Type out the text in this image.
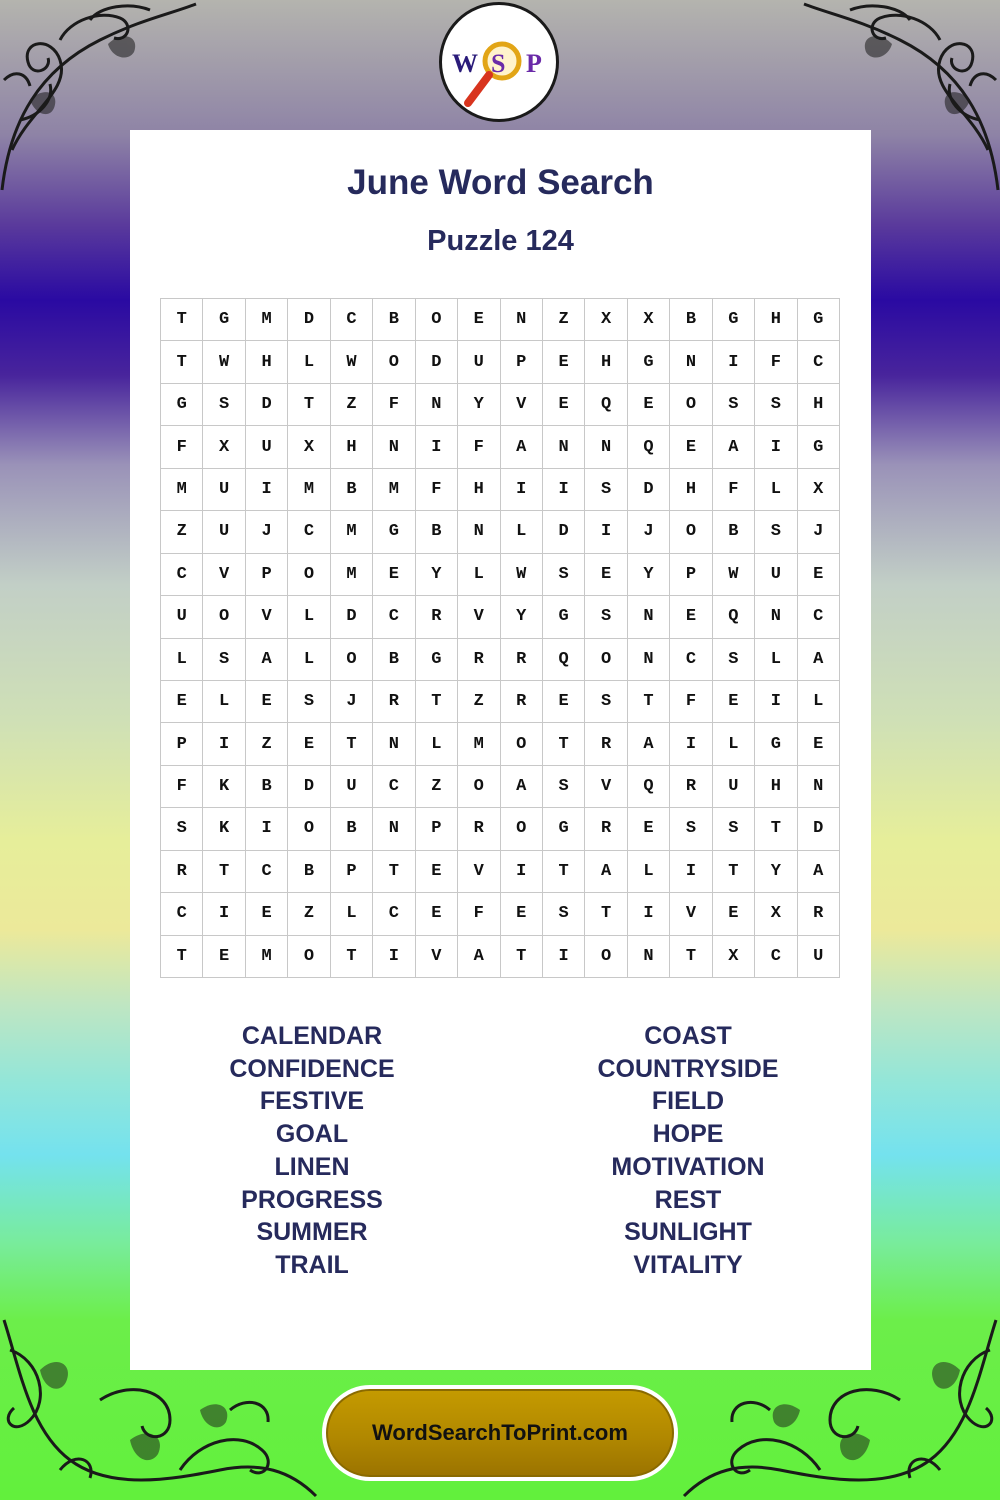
W S P
June Word Search
Puzzle 124
T	G	M	D	C	B	O	E	N	Z	X	X	B	G	H	G
T	W	H	L	W	O	D	U	P	E	H	G	N	I	F	C
G	S	D	T	Z	F	N	Y	V	E	Q	E	O	S	S	H
F	X	U	X	H	N	I	F	A	N	N	Q	E	A	I	G
M	U	I	M	B	M	F	H	I	I	S	D	H	F	L	X
Z	U	J	C	M	G	B	N	L	D	I	J	O	B	S	J
C	V	P	O	M	E	Y	L	W	S	E	Y	P	W	U	E
U	O	V	L	D	C	R	V	Y	G	S	N	E	Q	N	C
L	S	A	L	O	B	G	R	R	Q	O	N	C	S	L	A
E	L	E	S	J	R	T	Z	R	E	S	T	F	E	I	L
P	I	Z	E	T	N	L	M	O	T	R	A	I	L	G	E
F	K	B	D	U	C	Z	O	A	S	V	Q	R	U	H	N
S	K	I	O	B	N	P	R	O	G	R	E	S	S	T	D
R	T	C	B	P	T	E	V	I	T	A	L	I	T	Y	A
C	I	E	Z	L	C	E	F	E	S	T	I	V	E	X	R
T	E	M	O	T	I	V	A	T	I	O	N	T	X	C	U
CALENDAR
CONFIDENCE
FESTIVE
GOAL
LINEN
PROGRESS
SUMMER
TRAIL
COAST
COUNTRYSIDE
FIELD
HOPE
MOTIVATION
REST
SUNLIGHT
VITALITY
WordSearchToPrint.com
